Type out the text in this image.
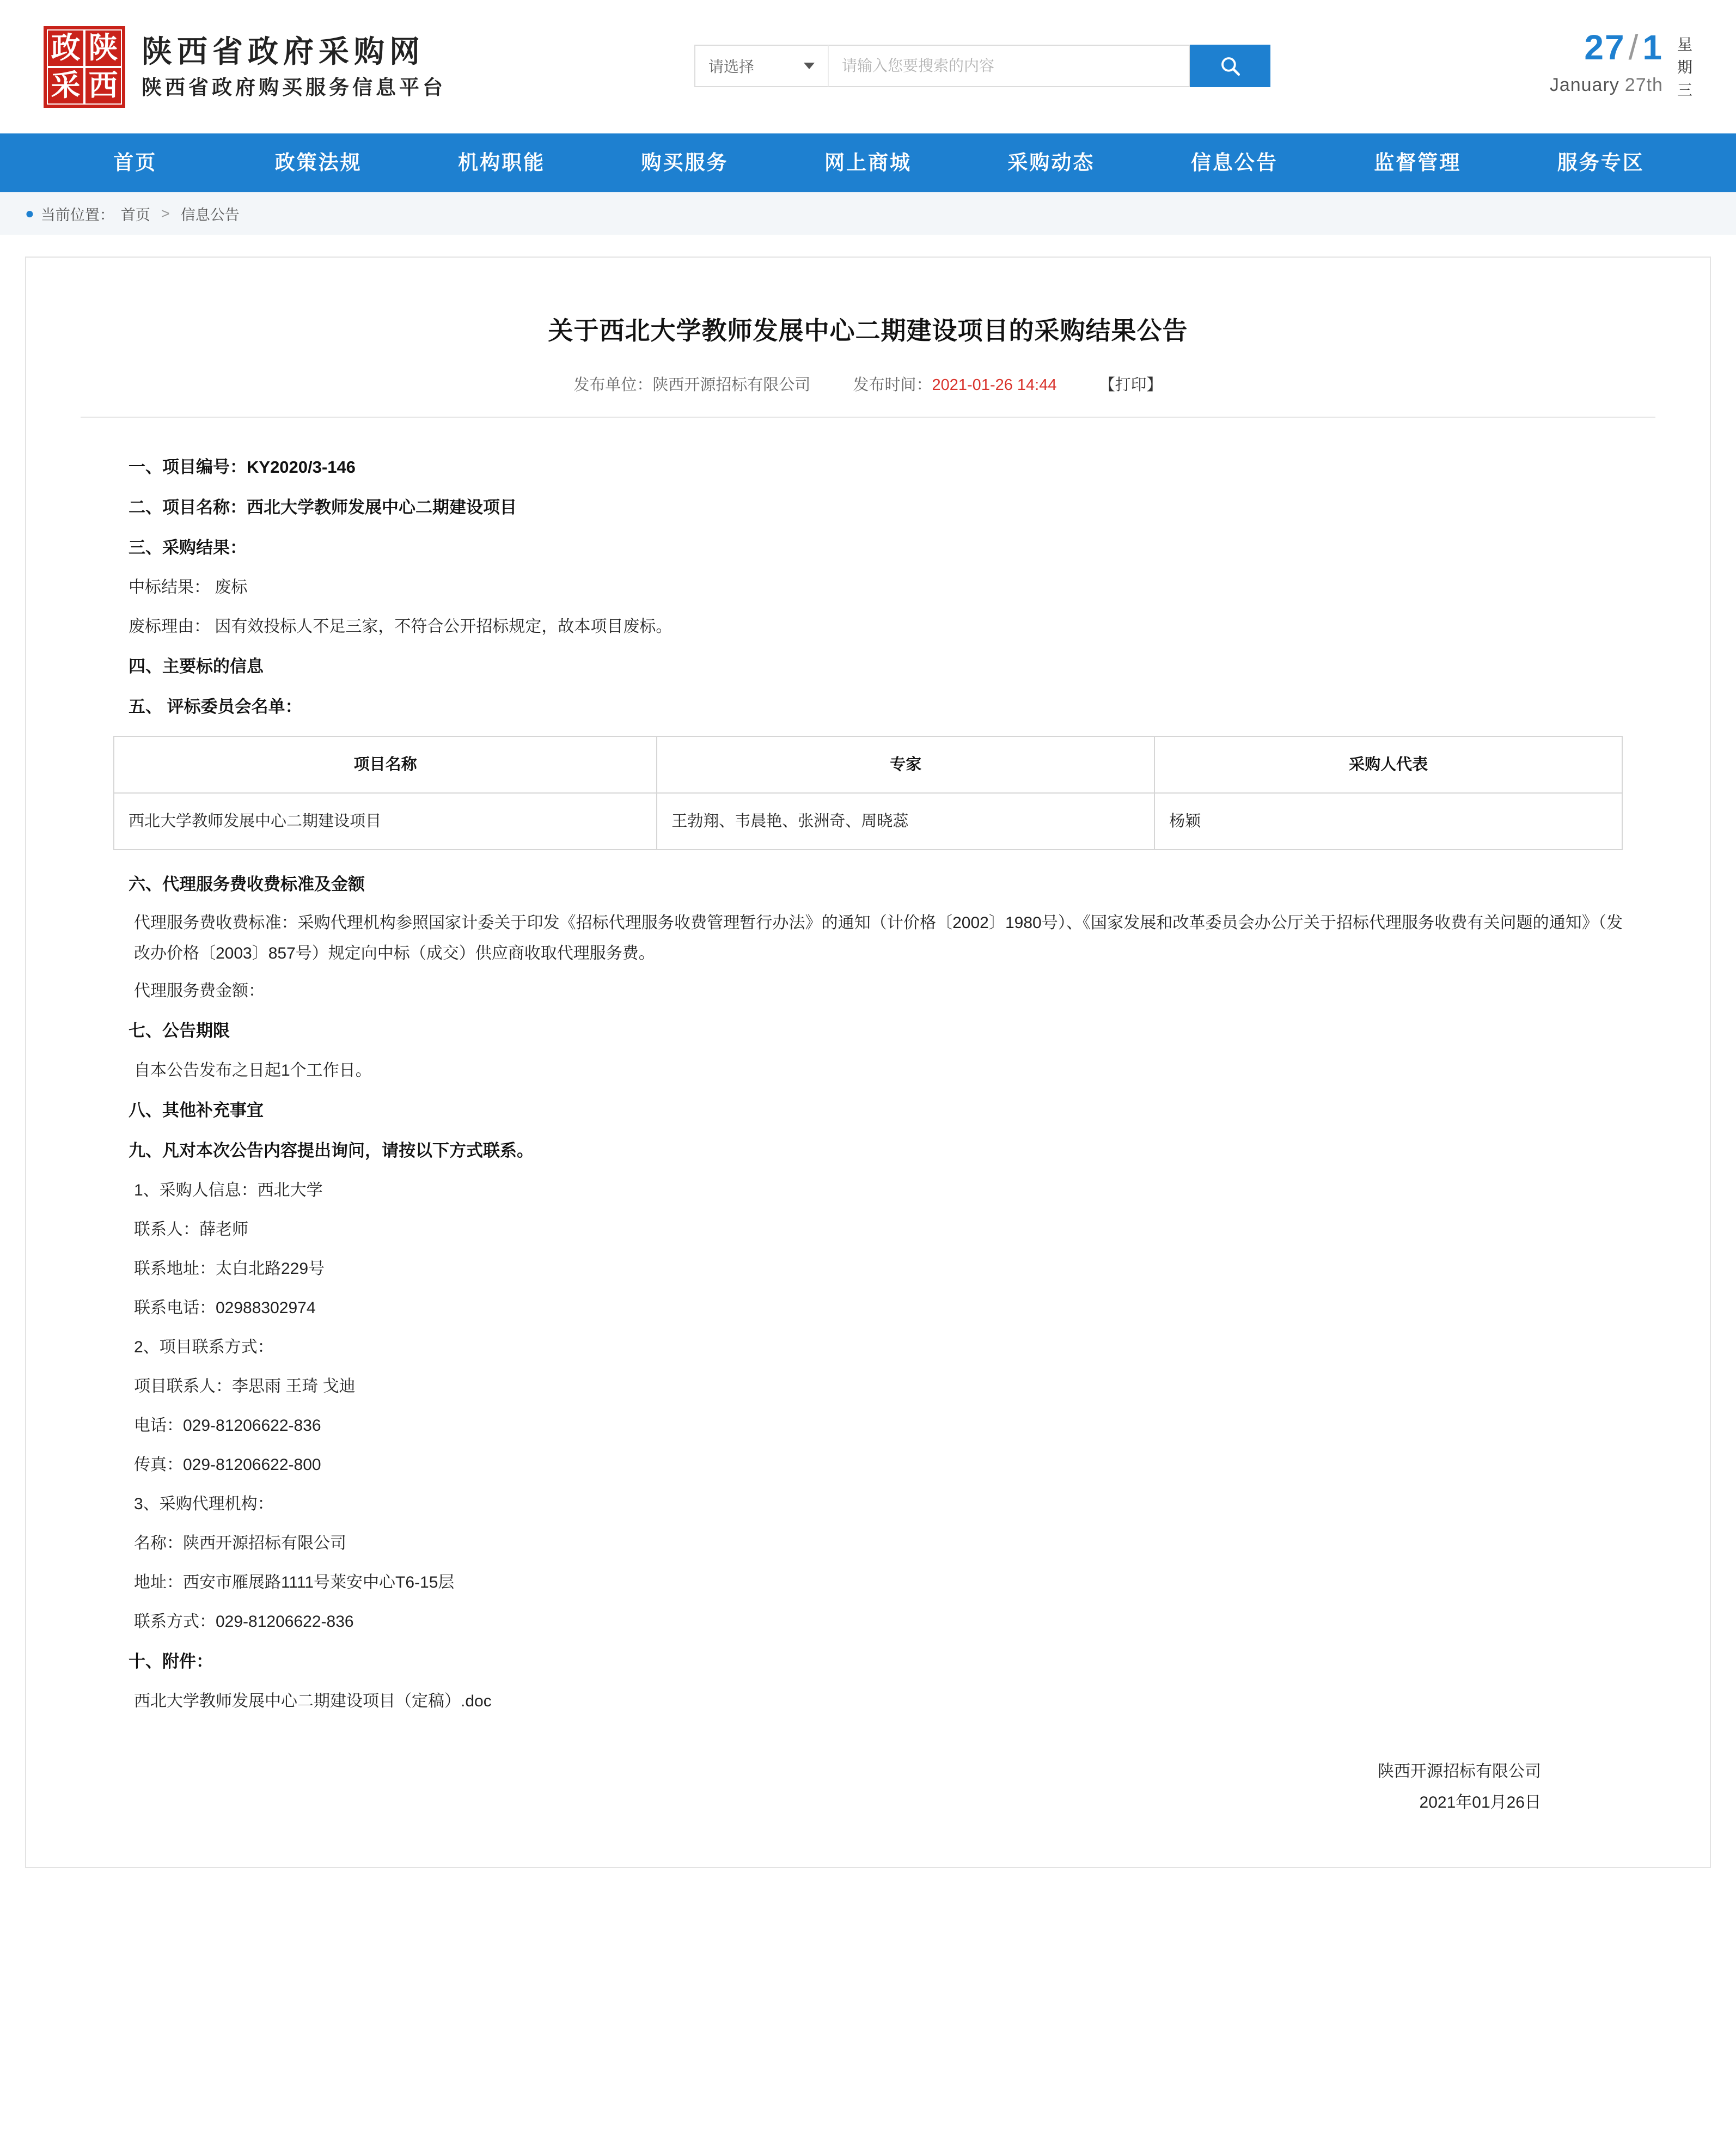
政 陕
采 西
陕西省政府采购网
陕西省政府购买服务信息平台
请选择
请输入您要搜索的内容	27/1
January 27th
星
期
三
首页	政策法规	机构职能	购买服务	网上商城	采购动态	信息公告	监督管理	服务专区
● 当前位置： 首页 > 信息公告
关于西北大学教师发展中心二期建设项目的采购结果公告
发布单位：陕西开源招标有限公司	发布时间：2021-01-26 14:44	【打印】

一、项目编号：KY2020/3-146

二、项目名称：西北大学教师发展中心二期建设项目

三、采购结果：

中标结果： 废标

废标理由： 因有效投标人不足三家，不符合公开招标规定，故本项目废标。

四、主要标的信息

五、 评标委员会名单：

项目名称	专家	采购人代表
西北大学教师发展中心二期建设项目	王勃翔、韦晨艳、张洲奇、周晓蕊	杨颖

六、代理服务费收费标准及金额

代理服务费收费标准：采购代理机构参照国家计委关于印发《招标代理服务收费管理暂行办法》的通知（计价格〔2002〕1980号）、《国家发展和改革委员会办公厅关于招标代理服务收费有关问题的通知》（发改办价格〔2003〕857号）规定向中标（成交）供应商收取代理服务费。

代理服务费金额：

七、公告期限

自本公告发布之日起1个工作日。

八、其他补充事宜

九、凡对本次公告内容提出询问，请按以下方式联系。

1、采购人信息：西北大学

联系人：薛老师

联系地址：太白北路229号

联系电话：02988302974

2、项目联系方式：

项目联系人：李思雨 王琦 戈迪

电话：029-81206622-836

传真：029-81206622-800

3、采购代理机构：

名称：陕西开源招标有限公司

地址：西安市雁展路1111号莱安中心T6-15层

联系方式：029-81206622-836

十、附件：

西北大学教师发展中心二期建设项目（定稿）.doc

陕西开源招标有限公司
2021年01月26日
